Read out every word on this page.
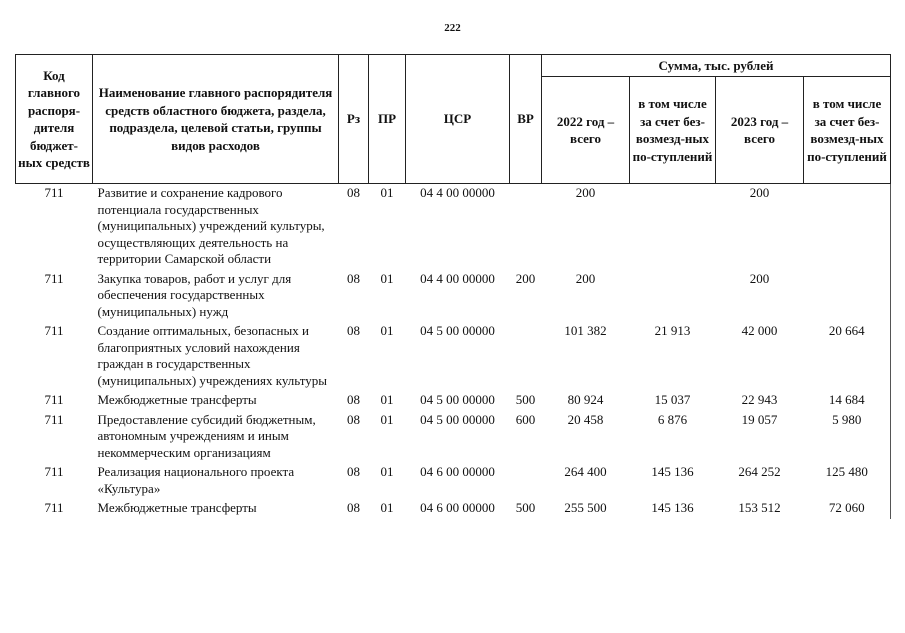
222
Код главного распоря-дителя бюджет-ных средств	Наименование главного распорядителя средств областного бюджета, раздела, подраздела, целевой статьи, группы видов расходов	Рз	ПР	ЦСР	ВР	Сумма, тыс. рублей			
						2022 год – всего	в том числе за счет без-возмезд-ных по-ступлений	2023 год – всего	в том числе за счет без-возмезд-ных по-ступлений
711	Развитие и сохранение кадрового потенциала государственных (муниципальных) учреждений культуры, осуществляющих деятельность на территории Самарской области	08	01	04 4 00 00000		200		200	
711	Закупка товаров, работ и услуг для обеспечения государственных (муниципальных) нужд	08	01	04 4 00 00000	200	200		200	
711	Создание оптимальных, безопасных и благоприятных условий нахождения граждан в государственных (муниципальных) учреждениях культуры	08	01	04 5 00 00000		101 382	21 913	42 000	20 664
711	Межбюджетные трансферты	08	01	04 5 00 00000	500	80 924	15 037	22 943	14 684
711	Предоставление субсидий бюджетным, автономным учреждениям и иным некоммерческим организациям	08	01	04 5 00 00000	600	20 458	6 876	19 057	5 980
711	Реализация национального проекта «Культура»	08	01	04 6 00 00000		264 400	145 136	264 252	125 480
711	Межбюджетные трансферты	08	01	04 6 00 00000	500	255 500	145 136	153 512	72 060
